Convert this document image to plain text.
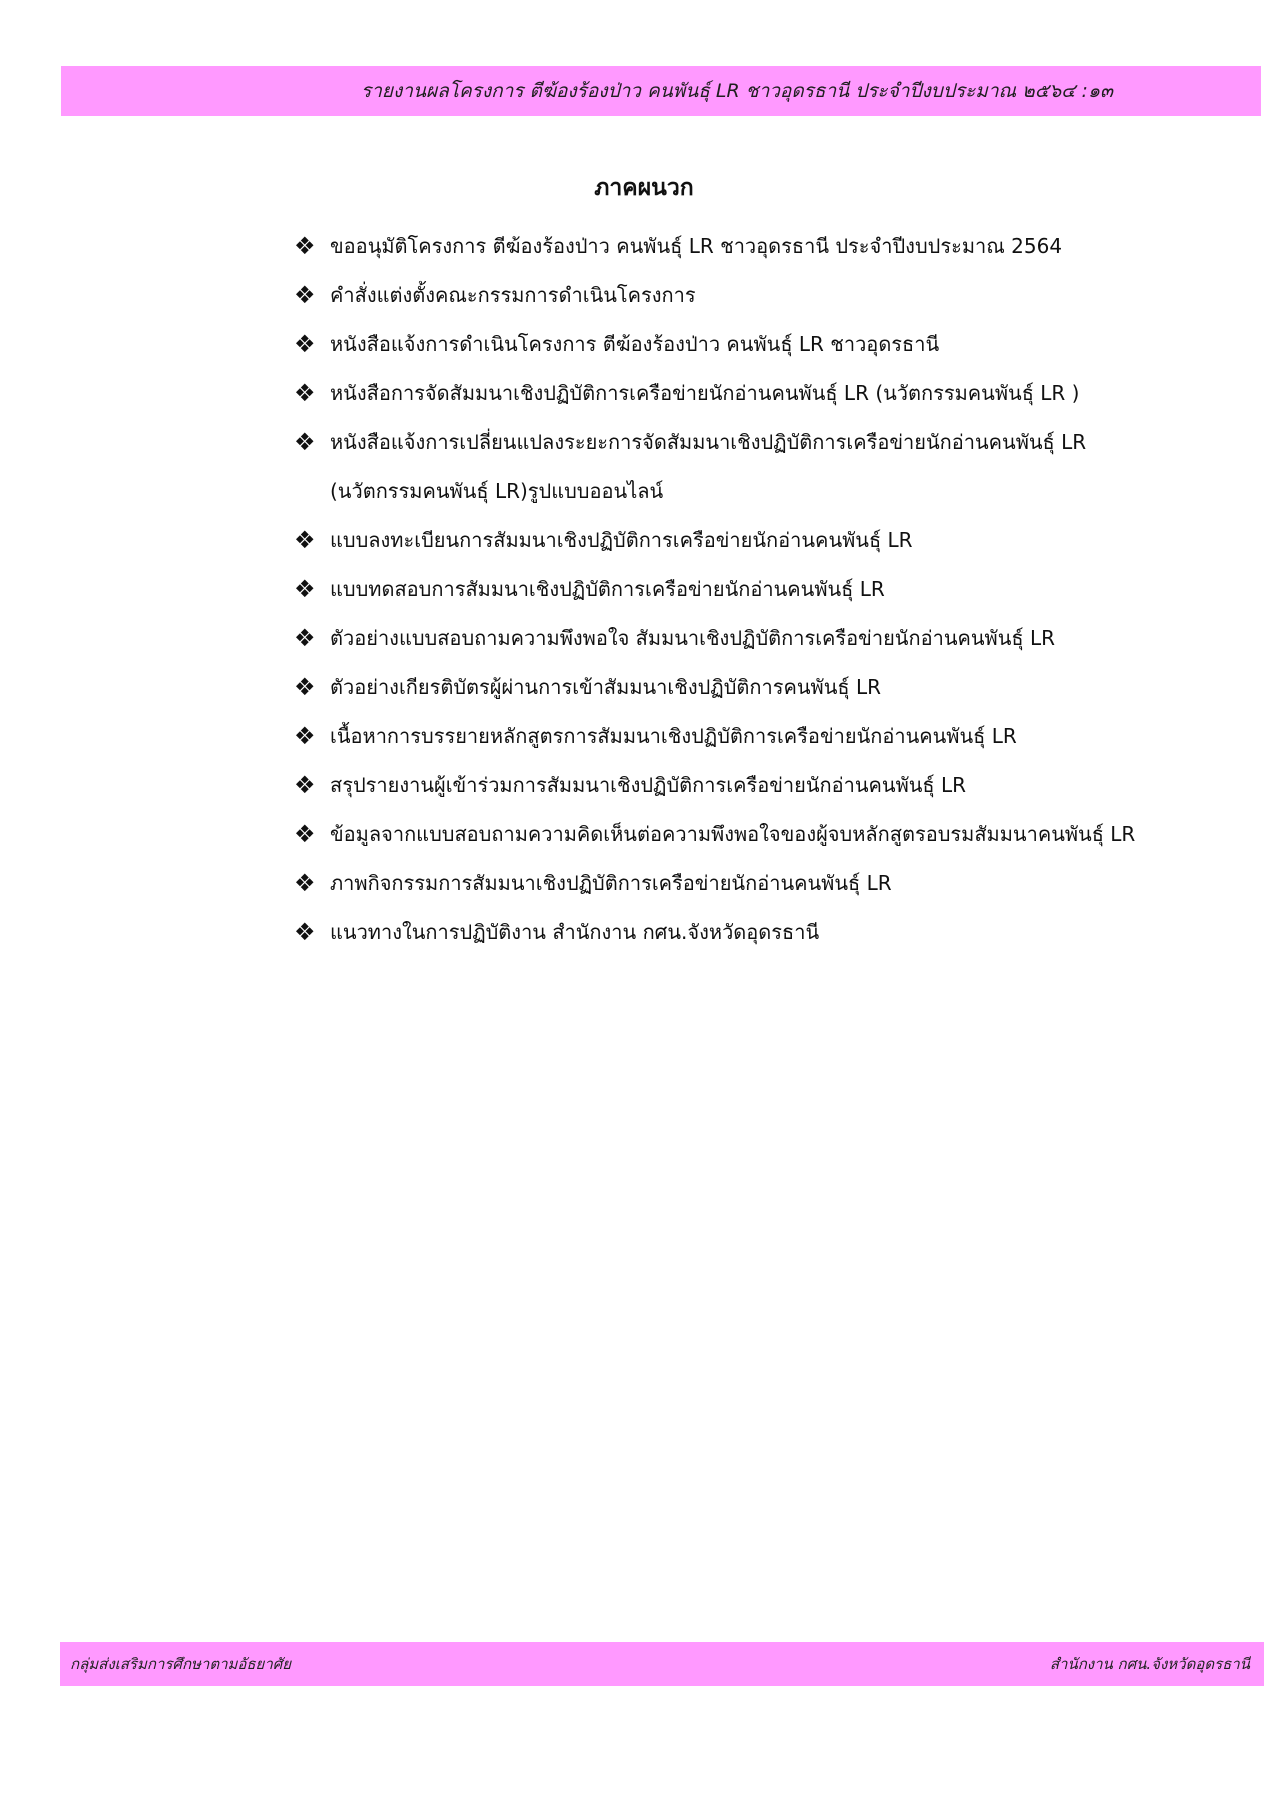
รายงานผลโครงการ ตีฆ้องร้องป่าว คนพันธุ์ LR ชาวอุดรธานี ประจำปีงบประมาณ ๒๕๖๔ :๑๓
ภาคผนวก
❖ ขออนุมัติโครงการ ตีฆ้องร้องป่าว คนพันธุ์ LR ชาวอุดรธานี ประจำปีงบประมาณ 2564
❖ คำสั่งแต่งตั้งคณะกรรมการดำเนินโครงการ
❖ หนังสือแจ้งการดำเนินโครงการ ตีฆ้องร้องป่าว คนพันธุ์ LR ชาวอุดรธานี
❖ หนังสือการจัดสัมมนาเชิงปฏิบัติการเครือข่ายนักอ่านคนพันธุ์ LR (นวัตกรรมคนพันธุ์ LR )
❖ หนังสือแจ้งการเปลี่ยนแปลงระยะการจัดสัมมนาเชิงปฏิบัติการเครือข่ายนักอ่านคนพันธุ์ LR (นวัตกรรมคนพันธุ์ LR)รูปแบบออนไลน์
❖ แบบลงทะเบียนการสัมมนาเชิงปฏิบัติการเครือข่ายนักอ่านคนพันธุ์ LR
❖ แบบทดสอบการสัมมนาเชิงปฏิบัติการเครือข่ายนักอ่านคนพันธุ์ LR
❖ ตัวอย่างแบบสอบถามความพึงพอใจ สัมมนาเชิงปฏิบัติการเครือข่ายนักอ่านคนพันธุ์ LR
❖ ตัวอย่างเกียรติบัตรผู้ผ่านการเข้าสัมมนาเชิงปฏิบัติการคนพันธุ์ LR
❖ เนื้อหาการบรรยายหลักสูตรการสัมมนาเชิงปฏิบัติการเครือข่ายนักอ่านคนพันธุ์ LR
❖ สรุปรายงานผู้เข้าร่วมการสัมมนาเชิงปฏิบัติการเครือข่ายนักอ่านคนพันธุ์ LR
❖ ข้อมูลจากแบบสอบถามความคิดเห็นต่อความพึงพอใจของผู้จบหลักสูตรอบรมสัมมนาคนพันธุ์ LR
❖ ภาพกิจกรรมการสัมมนาเชิงปฏิบัติการเครือข่ายนักอ่านคนพันธุ์ LR
❖ แนวทางในการปฏิบัติงาน สำนักงาน กศน.จังหวัดอุดรธานี
กลุ่มส่งเสริมการศึกษาตามอัธยาศัย	สำนักงาน กศน.จังหวัดอุดรธานี
